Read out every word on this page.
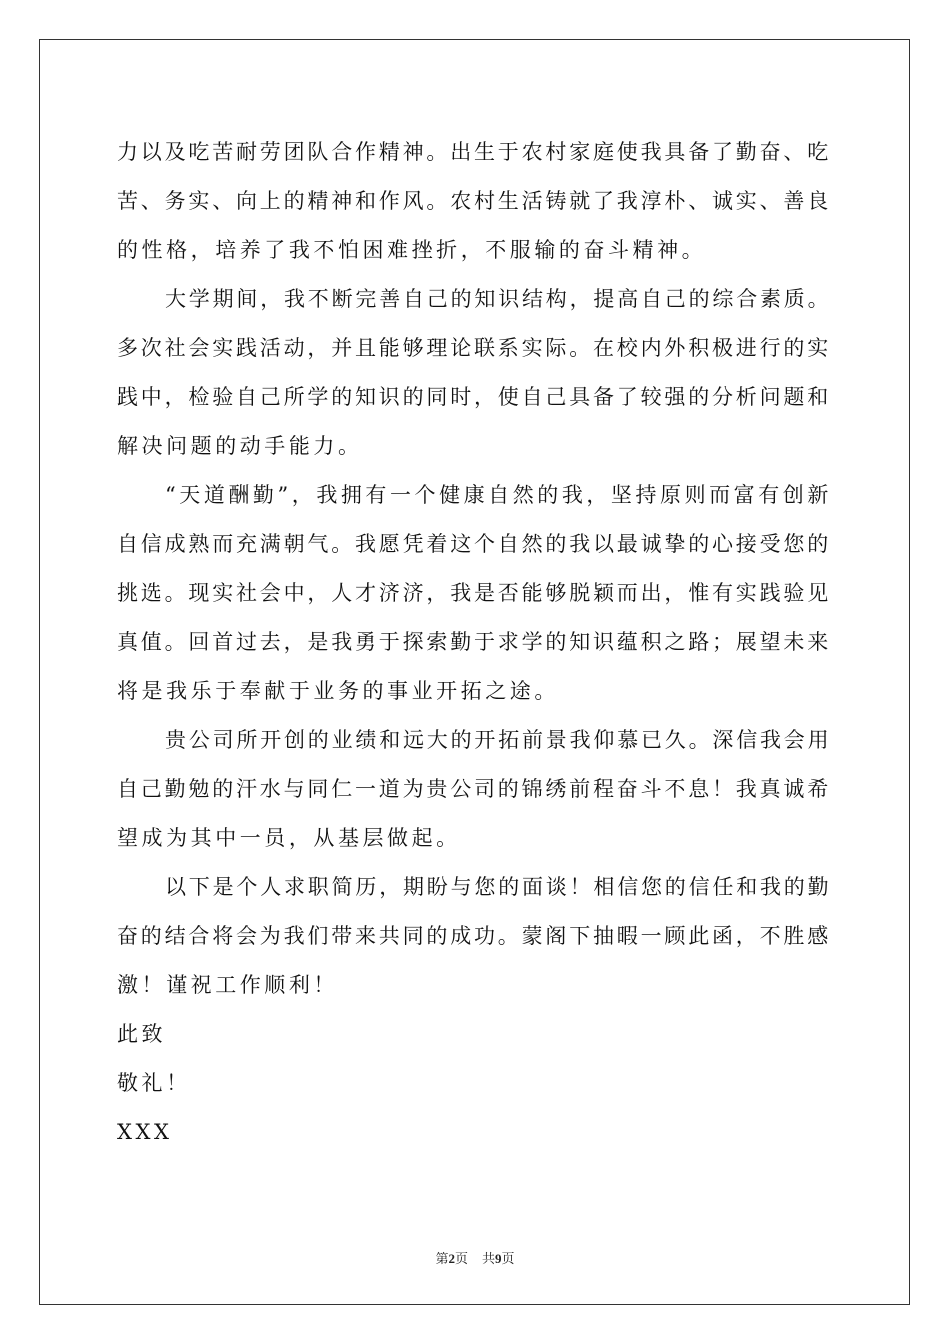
力以及吃苦耐劳团队合作精神。出生于农村家庭使我具备了勤奋、吃
苦、务实、向上的精神和作风。农村生活铸就了我淳朴、诚实、善良
的性格，培养了我不怕困难挫折，不服输的奋斗精神。
大学期间，我不断完善自己的知识结构，提高自己的综合素质。
多次社会实践活动，并且能够理论联系实际。在校内外积极进行的实
践中，检验自己所学的知识的同时，使自己具备了较强的分析问题和
解决问题的动手能力。
“天道酬勤”，我拥有一个健康自然的我，坚持原则而富有创新
自信成熟而充满朝气。我愿凭着这个自然的我以最诚挚的心接受您的
挑选。现实社会中，人才济济，我是否能够脱颖而出，惟有实践验见
真值。回首过去，是我勇于探索勤于求学的知识蕴积之路；展望未来
将是我乐于奉献于业务的事业开拓之途。
贵公司所开创的业绩和远大的开拓前景我仰慕已久。深信我会用
自己勤勉的汗水与同仁一道为贵公司的锦绣前程奋斗不息！我真诚希
望成为其中一员，从基层做起。
以下是个人求职简历，期盼与您的面谈！相信您的信任和我的勤
奋的结合将会为我们带来共同的成功。蒙阁下抽暇一顾此函，不胜感
激！谨祝工作顺利！
此致
敬礼！
XXX
第2页 共9页
